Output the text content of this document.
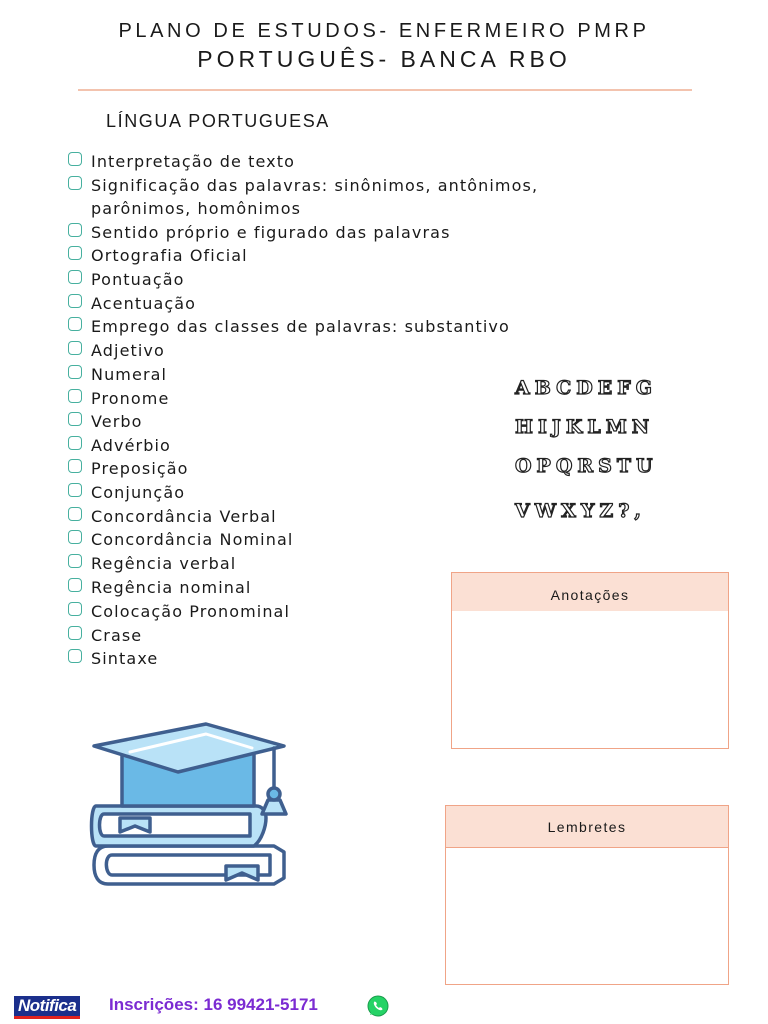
PLANO DE ESTUDOS- ENFERMEIRO PMRP
PORTUGUÊS- BANCA RBO
LÍNGUA PORTUGUESA
Interpretação de texto
Significação das palavras: sinônimos, antônimos,
parônimos, homônimos
Sentido próprio e figurado das palavras
Ortografia Oficial
Pontuação
Acentuação
Emprego das classes de palavras: substantivo
Adjetivo
Numeral
Pronome
Verbo
Advérbio
Preposição
Conjunção
Concordância Verbal
Concordância Nominal
Regência verbal
Regência nominal
Colocação Pronominal
Crase
Sintaxe
ABCDEFG
HIJKLMN
OPQRSTU
VWXYZ?,
Anotações
Lembretes
Notifica Inscrições: 16 99421-5171
